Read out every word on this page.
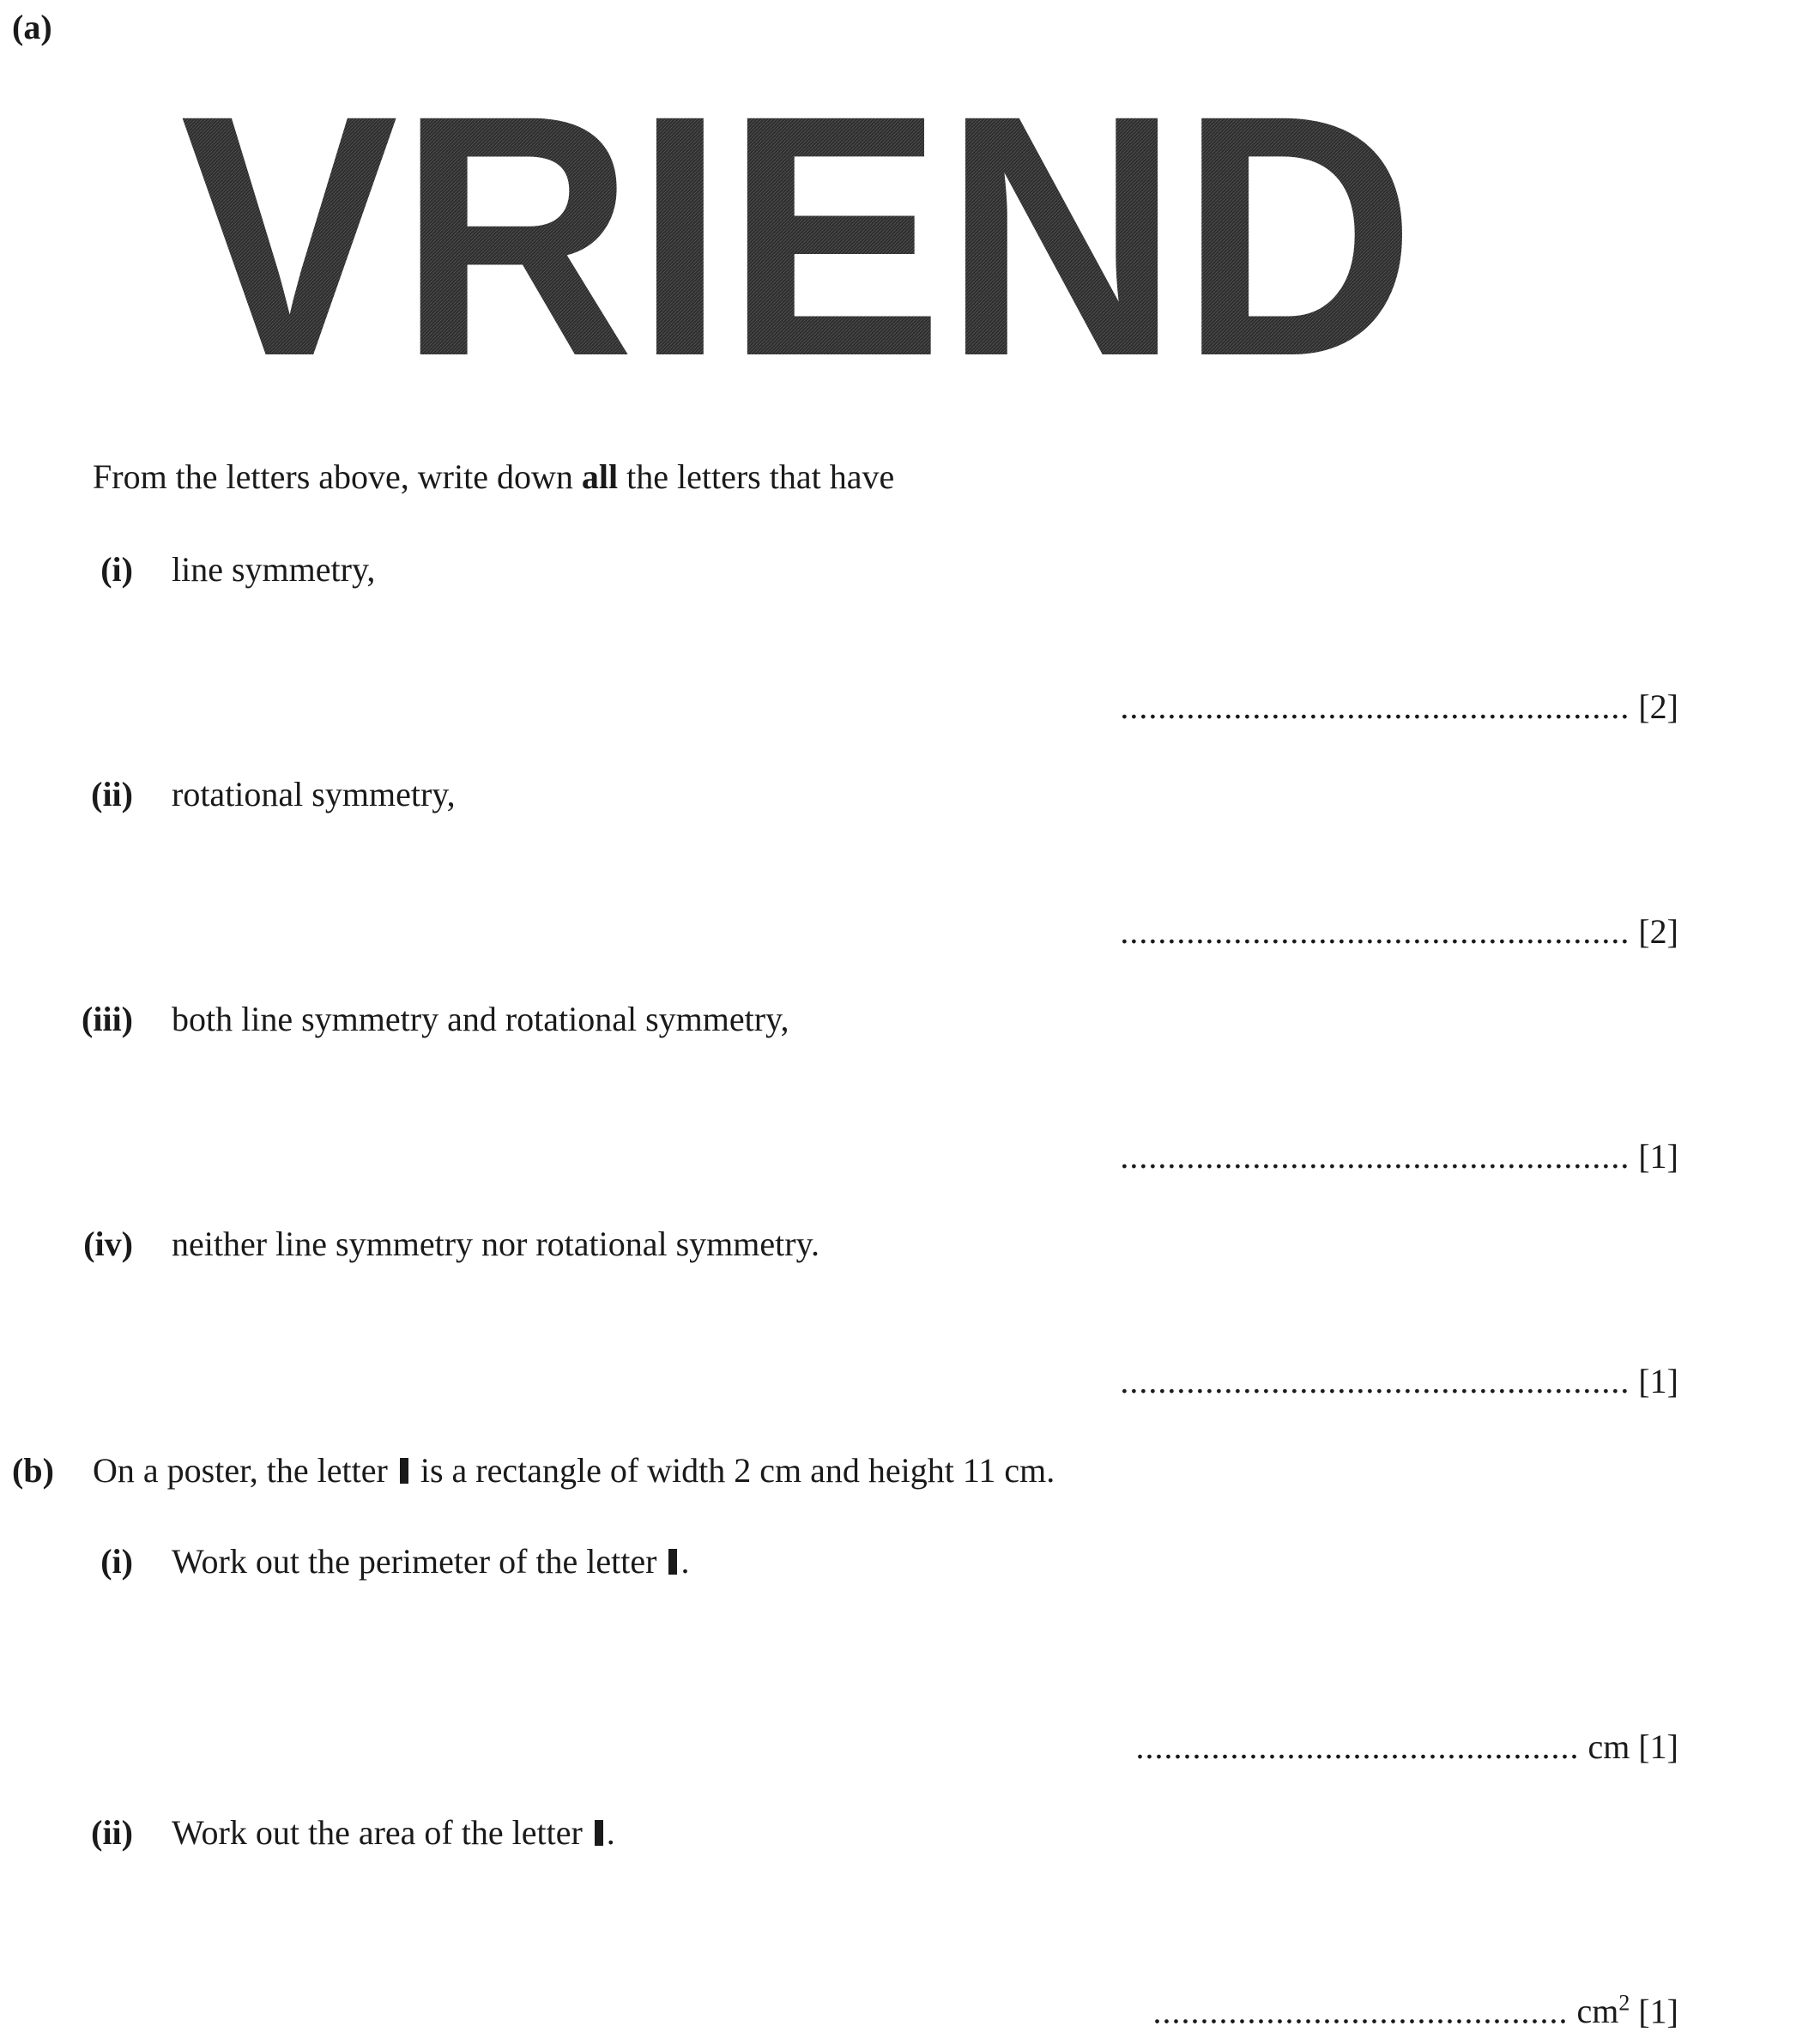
(a)
VRIEND
From the letters above, write down all the letters that have
(i) line symmetry,
...................................................... [2]
(ii) rotational symmetry,
...................................................... [2]
(iii) both line symmetry and rotational symmetry,
...................................................... [1]
(iv) neither line symmetry nor rotational symmetry.
...................................................... [1]
(b) On a poster, the letter  is a rectangle of width 2 cm and height 11 cm.
(i) Work out the perimeter of the letter .
............................................... cm [1]
(ii) Work out the area of the letter .
............................................ $cm^2$ [1]
